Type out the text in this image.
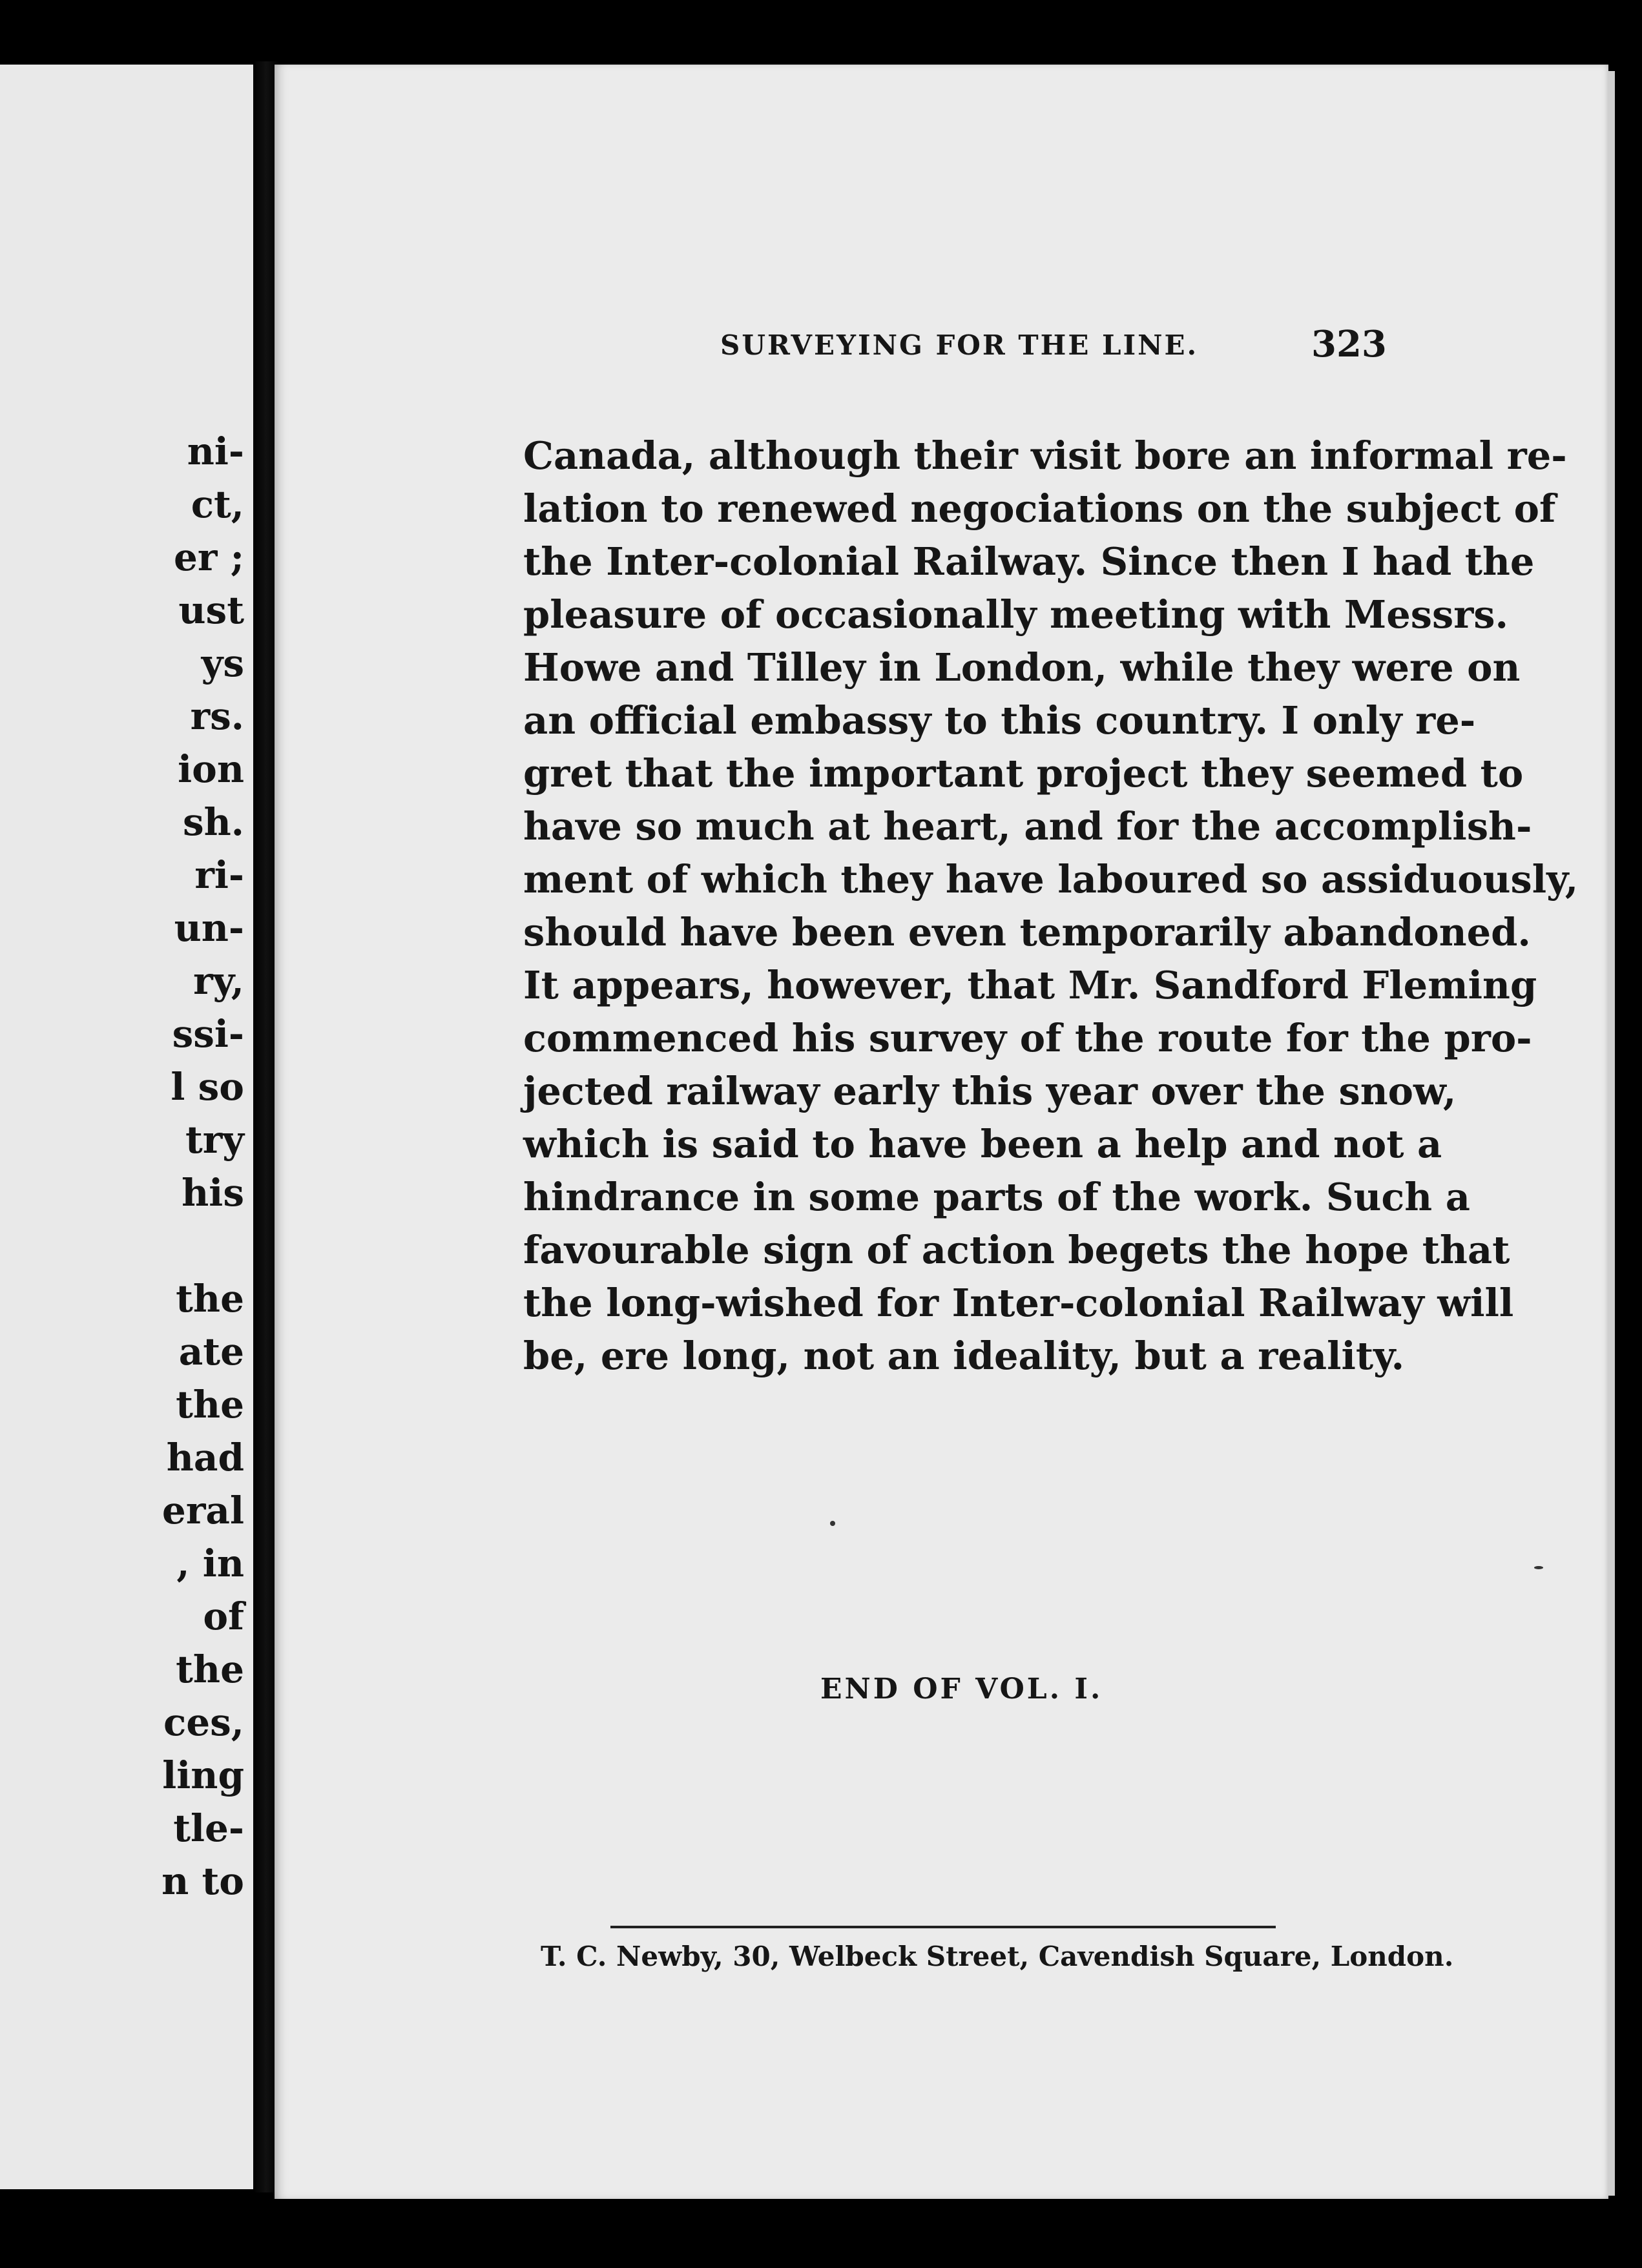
ni-
ct,
er ;
ust
ys
rs.
ion
sh.
ri-
un-
ry,
ssi-
l so
try
his
the
ate
the
had
eral
, in
of
the
ces,
ling
tle-
n to
SURVEYING FOR THE LINE.	323
Canada, although their visit bore an informal re-
lation to renewed negociations on the subject of
the Inter-colonial Railway. Since then I had the
pleasure of occasionally meeting with Messrs.
Howe and Tilley in London, while they were on
an official embassy to this country. I only re-
gret that the important project they seemed to
have so much at heart, and for the accomplish-
ment of which they have laboured so assiduously,
should have been even temporarily abandoned.
It appears, however, that Mr. Sandford Fleming
commenced his survey of the route for the pro-
jected railway early this year over the snow,
which is said to have been a help and not a
hindrance in some parts of the work. Such a
favourable sign of action begets the hope that
the long-wished for Inter-colonial Railway will
be, ere long, not an ideality, but a reality.
END OF VOL. I.
T. C. Newby, 30, Welbeck Street, Cavendish Square, London.
